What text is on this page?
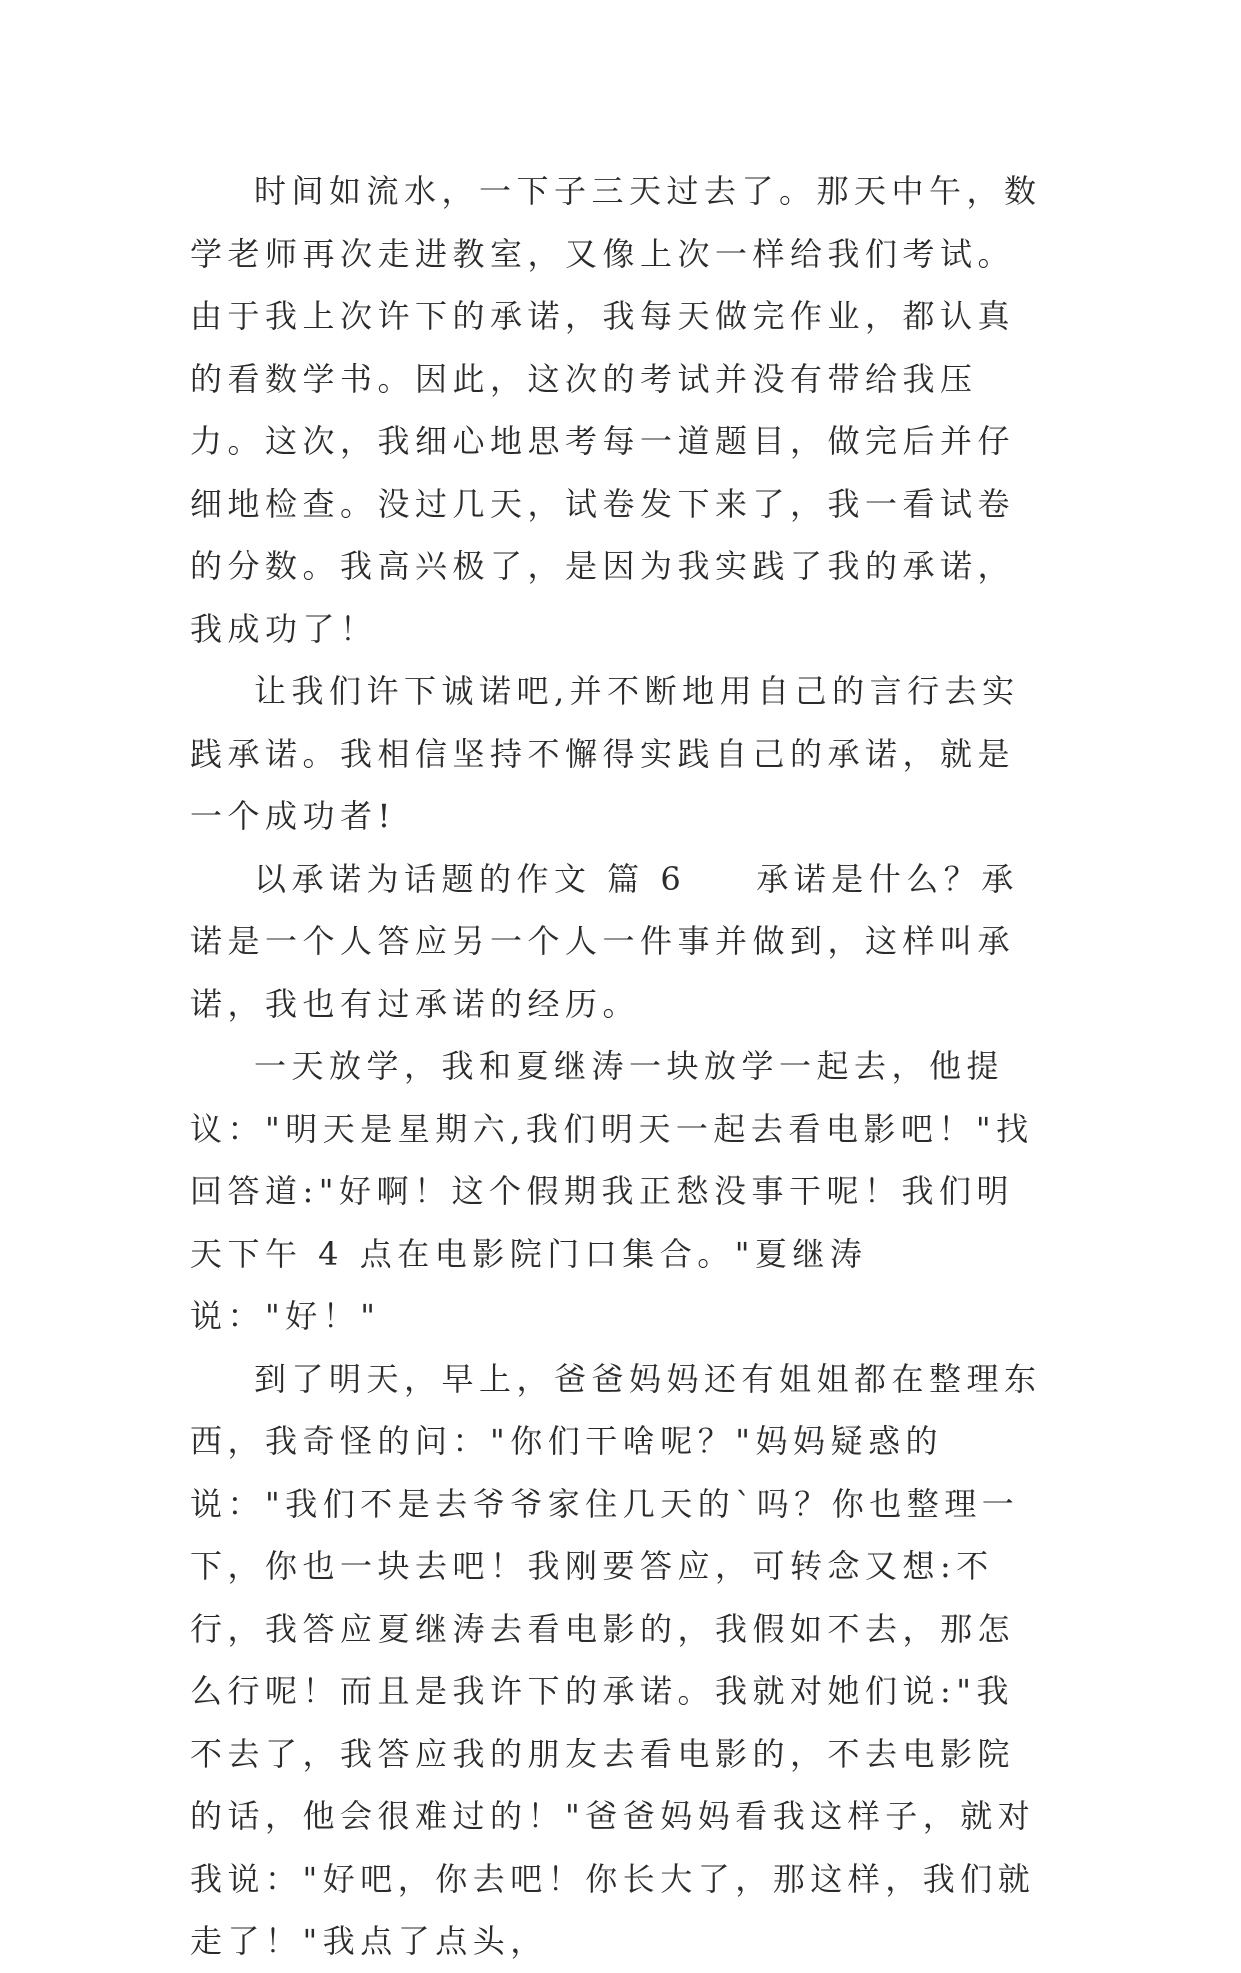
时间如流水，一下子三天过去了。那天中午，数学老师再次走进教室，又像上次一样给我们考试。由于我上次许下的承诺，我每天做完作业，都认真的看数学书。因此，这次的考试并没有带给我压力。这次，我细心地思考每一道题目，做完后并仔细地检查。没过几天，试卷发下来了，我一看试卷的分数。我高兴极了，是因为我实践了我的承诺，我成功了！

让我们许下诚诺吧,并不断地用自己的言行去实践承诺。我相信坚持不懈得实践自己的承诺，就是一个成功者!

以承诺为话题的作文 篇 6 承诺是什么？承诺是一个人答应另一个人一件事并做到，这样叫承诺，我也有过承诺的经历。

一天放学，我和夏继涛一块放学一起去，他提议："明天是星期六,我们明天一起去看电影吧！"找回答道:"好啊！这个假期我正愁没事干呢！我们明天下午 4 点在电影院门口集合。"夏继涛说："好！"

到了明天，早上，爸爸妈妈还有姐姐都在整理东西，我奇怪的问："你们干啥呢？"妈妈疑惑的说："我们不是去爷爷家住几天的`吗？你也整理一下，你也一块去吧！我刚要答应，可转念又想:不行，我答应夏继涛去看电影的，我假如不去，那怎么行呢！而且是我许下的承诺。我就对她们说:"我不去了，我答应我的朋友去看电影的，不去电影院的话，他会很难过的！"爸爸妈妈看我这样子，就对我说："好吧，你去吧！你长大了，那这样，我们就走了！"我点了点头，
